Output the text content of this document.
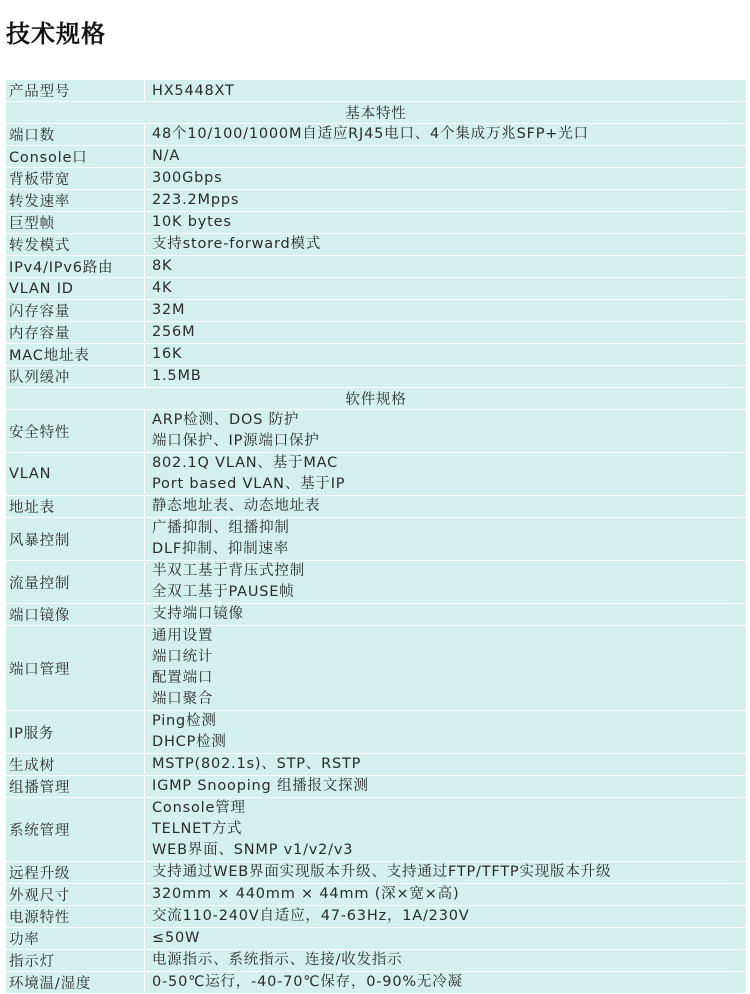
技术规格
产品型号	HX5448XT
基本特性	
端口数	48个10/100/1000M自适应RJ45电口、4个集成万兆SFP+光口

Console口	N/A

背板带宽	300Gbps

转发速率	223.2Mpps

巨型帧	10K bytes

转发模式	支持store-forward模式

IPv4/IPv6路由	8K

VLAN ID	4K

闪存容量	32M

内存容量	256M

MAC地址表	16K

队列缓冲	1.5MB

软件规格	
安全特性	ARP检测、DOS 防护
端口保护、IP源端口保护

VLAN	802.1Q VLAN、基于MAC
Port based VLAN、基于IP

地址表	静态地址表、动态地址表

风暴控制	广播抑制、组播抑制
DLF抑制、抑制速率

流量控制	半双工基于背压式控制
全双工基于PAUSE帧

端口镜像	支持端口镜像

端口管理	通用设置
端口统计
配置端口
端口聚合

IP服务	Ping检测
DHCP检测

生成树	MSTP(802.1s)、STP、RSTP

组播管理	IGMP Snooping 组播报文探测

系统管理	Console管理
TELNET方式
WEB界面、SNMP v1/v2/v3

远程升级	支持通过WEB界面实现版本升级、支持通过FTP/TFTP实现版本升级

外观尺寸	320mm × 440mm × 44mm (深×宽×高)

电源特性	交流110-240V自适应，47-63Hz，1A/230V

功率	≤50W

指示灯	电源指示、系统指示、连接/收发指示

环境温/湿度	0-50℃运行，-40-70℃保存，0-90%无冷凝
